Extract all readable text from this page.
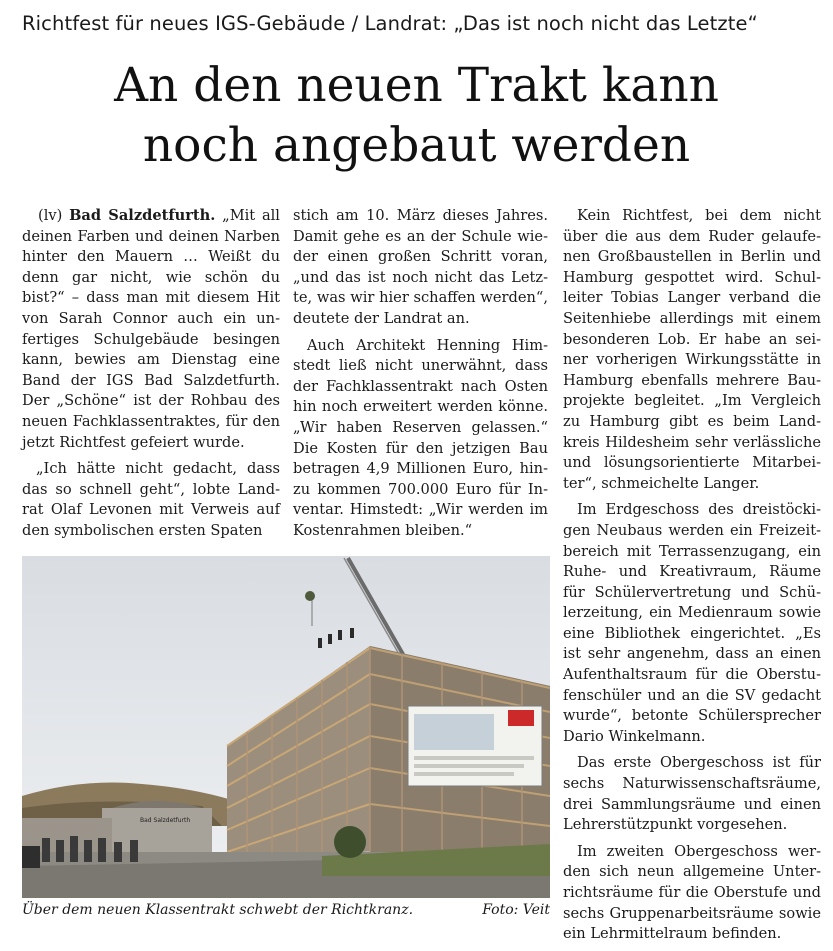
Richtfest für neues IGS-Gebäude / Landrat: „Das ist noch nicht das Letzte“
An den neuen Trakt kann
noch angebaut werden

(lv) Bad Salzdetfurth. „Mit all deinen Farben und deinen Narben hinter den Mauern … Weißt du denn gar nicht, wie schön du bist?“ – dass man mit diesem Hit von Sarah Connor auch ein unfertiges Schulgebäude besingen kann, bewies am Dienstag eine Band der IGS Bad Salzdetfurth. Der „Schöne“ ist der Rohbau des neuen Fachklassentraktes, für den jetzt Richtfest gefeiert wurde.

„Ich hätte nicht gedacht, dass das so schnell geht“, lobte Landrat Olaf Levonen mit Verweis auf den symbolischen ersten Spaten

stich am 10. März dieses Jahres. Damit gehe es an der Schule wieder einen großen Schritt voran, „und das ist noch nicht das Letzte, was wir hier schaffen werden“, deutete der Landrat an.

Auch Architekt Henning Himstedt ließ nicht unerwähnt, dass der Fachklassentrakt nach Osten hin noch erweitert werden könne. „Wir haben Reserven gelassen.“ Die Kosten für den jetzigen Bau betragen 4,9 Millionen Euro, hinzu kommen 700.000 Euro für Inventar. Himstedt: „Wir werden im Kostenrahmen bleiben.“

Kein Richtfest, bei dem nicht über die aus dem Ruder gelaufenen Großbaustellen in Berlin und Hamburg gespottet wird. Schulleiter Tobias Langer verband die Seitenhiebe allerdings mit einem besonderen Lob. Er habe an seiner vorherigen Wirkungsstätte in Hamburg ebenfalls mehrere Bauprojekte begleitet. „Im Vergleich zu Hamburg gibt es beim Landkreis Hildesheim sehr verlässliche und lösungsorientierte Mitarbeiter“, schmeichelte Langer.

Im Erdgeschoss des dreistöckigen Neubaus werden ein Freizeitbereich mit Terrassenzugang, ein Ruhe- und Kreativraum, Räume für Schülervertretung und Schülerzeitung, ein Medienraum sowie eine Bibliothek eingerichtet. „Es ist sehr angenehm, dass an einen Aufenthaltsraum für die Oberstufenschüler und an die SV gedacht wurde“, betonte Schülersprecher Dario Winkelmann.

Das erste Obergeschoss ist für sechs Naturwissenschaftsräume, drei Sammlungsräume und einen Lehrerstützpunkt vorgesehen.

Im zweiten Obergeschoss werden sich neun allgemeine Unterrichtsräume für die Oberstufe und sechs Gruppenarbeitsräume sowie ein Lehrmittelraum befinden.

Bad Salzdetfurth
Über dem neuen Klassentrakt schwebt der Richtkranz.	Foto: Veit
